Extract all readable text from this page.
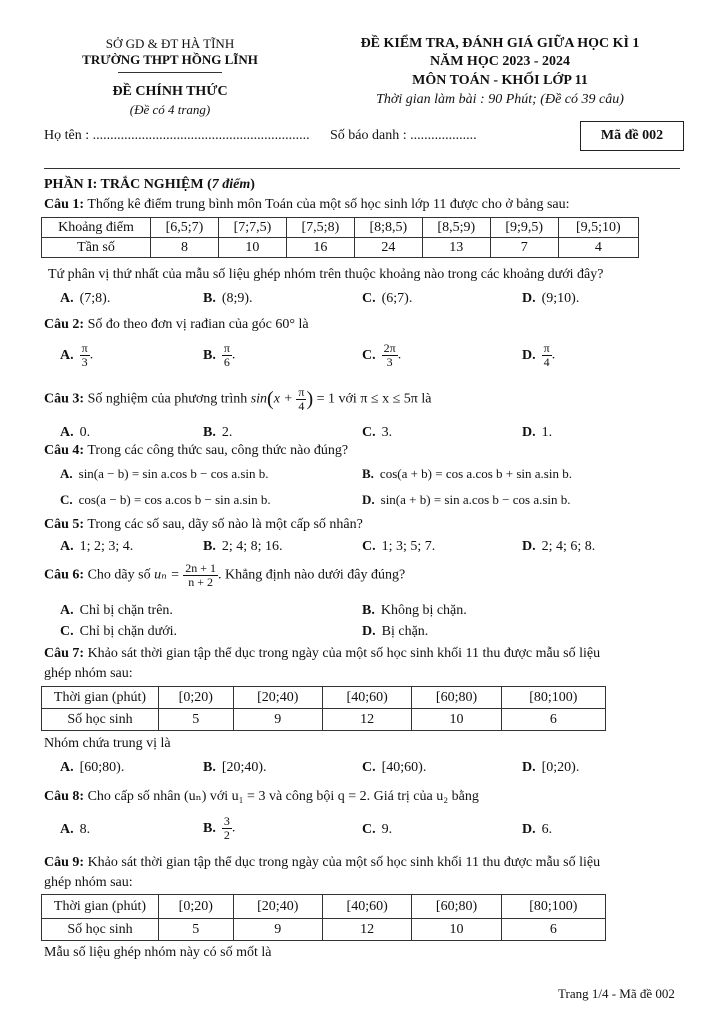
SỞ GD & ĐT HÀ TĨNH
TRƯỜNG THPT HỒNG LĨNH
ĐỀ CHÍNH THỨC
(Đề có 4 trang)
ĐỀ KIỂM TRA, ĐÁNH GIÁ GIỮA HỌC KÌ 1
NĂM HỌC 2023 - 2024
MÔN TOÁN - KHỐI LỚP 11
Thời gian làm bài : 90 Phút; (Đề có 39 câu)
Họ tên : .............................................................. Số báo danh : ...................	Mã đề 002
PHẦN I: TRẮC NGHIỆM (7 điểm)
Câu 1: Thống kê điểm trung bình môn Toán của một số học sinh lớp 11 được cho ở bảng sau:
Khoảng điểm	[6,5;7)	[7;7,5)	[7,5;8)	[8;8,5)	[8,5;9)	[9;9,5)	[9,5;10)
Tần số	8	10	16	24	13	7	4
Tứ phân vị thứ nhất của mẫu số liệu ghép nhóm trên thuộc khoảng nào trong các khoảng dưới đây?
A. (7;8).	B. (8;9).	C. (6;7).	D. (9;10).
Câu 2: Số đo theo đơn vị rađian của góc 60° là
A. $\frac{\pi}{3}$ .	B. $\frac{\pi}{6}$ .	C. $\frac{2\pi}{3}$ .	D. $\frac{\pi}{4}$ .
Câu 3: Số nghiệm của phương trình $\sin(x + \frac{\pi}{4}$ ) = 1 với π ≤ x ≤ 5π là
A. 0.	B. 2.	C. 3.	D. 1.
Câu 4: Trong các công thức sau, công thức nào đúng?
A. sin(a − b) = sin a.cos b − cos a.sin b.	B. cos(a + b) = cos a.cos b + sin a.sin b.
C. cos(a − b) = cos a.cos b − sin a.sin b.	D. sin(a + b) = sin a.cos b − cos a.sin b.
Câu 5: Trong các số sau, dãy số nào là một cấp số nhân?
A. 1; 2; 3; 4.	B. 2; 4; 8; 16.	C. 1; 3; 5; 7.	D. 2; 4; 6; 8.
Câu 6: Cho dãy số $u_n = \frac{2n + 1}{n + 2}$ . Khẳng định nào dưới đây đúng?
A. Chỉ bị chặn trên.	B. Không bị chặn.
C. Chỉ bị chặn dưới.	D. Bị chặn.
Câu 7: Khảo sát thời gian tập thể dục trong ngày của một số học sinh khối 11 thu được mẫu số liệu
ghép nhóm sau:
Thời gian (phút)	[0;20)	[20;40)	[40;60)	[60;80)	[80;100)
Số học sinh	5	9	12	10	6
Nhóm chứa trung vị là
A. [60;80).	B. [20;40).	C. [40;60).	D. [0;20).
Câu 8: Cho cấp số nhân (uₙ) với u₁ = 3 và công bội q = 2. Giá trị của u₂ bằng
A. 8.	B. $\frac{3}{2}$ .	C. 9.	D. 6.
Câu 9: Khảo sát thời gian tập thể dục trong ngày của một số học sinh khối 11 thu được mẫu số liệu
ghép nhóm sau:
Thời gian (phút)	[0;20)	[20;40)	[40;60)	[60;80)	[80;100)
Số học sinh	5	9	12	10	6
Mẫu số liệu ghép nhóm này có số mốt là
Trang 1/4 - Mã đề 002
